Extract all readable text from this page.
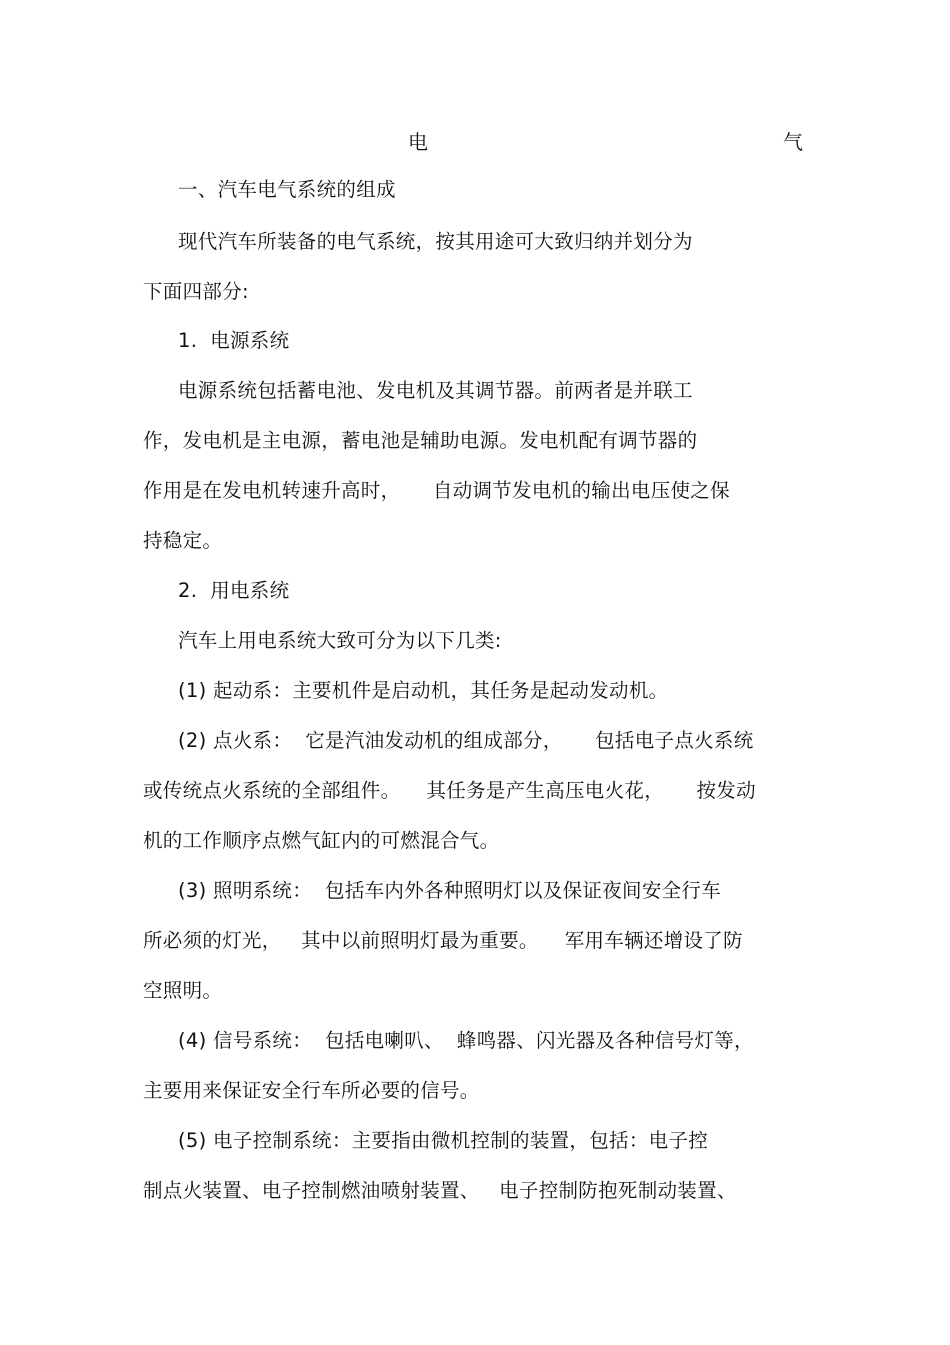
电	气
一、汽车电气系统的组成
现代汽车所装备的电气系统，按其用途可大致归纳并划分为
下面四部分:
1.  电源系统
电源系统包括蓄电池、发电机及其调节器。前两者是并联工
作，发电机是主电源，蓄电池是辅助电源。发电机配有调节器的
作用是在发电机转速升高时，     自动调节发电机的输出电压使之保
持稳定。
2.  用电系统
汽车上用电系统大致可分为以下几类:
(1) 起动系：主要机件是启动机，其任务是起动发动机。
(2) 点火系：  它是汽油发动机的组成部分，     包括电子点火系统
或传统点火系统的全部组件。    其任务是产生高压电火花，     按发动
机的工作顺序点燃气缸内的可燃混合气。
(3) 照明系统：  包括车内外各种照明灯以及保证夜间安全行车
所必须的灯光，   其中以前照明灯最为重要。    军用车辆还增设了防
空照明。
(4) 信号系统：  包括电喇叭、  蜂鸣器、闪光器及各种信号灯等，
主要用来保证安全行车所必要的信号。
(5) 电子控制系统：主要指由微机控制的装置，包括：电子控
制点火装置、电子控制燃油喷射装置、   电子控制防抱死制动装置、
